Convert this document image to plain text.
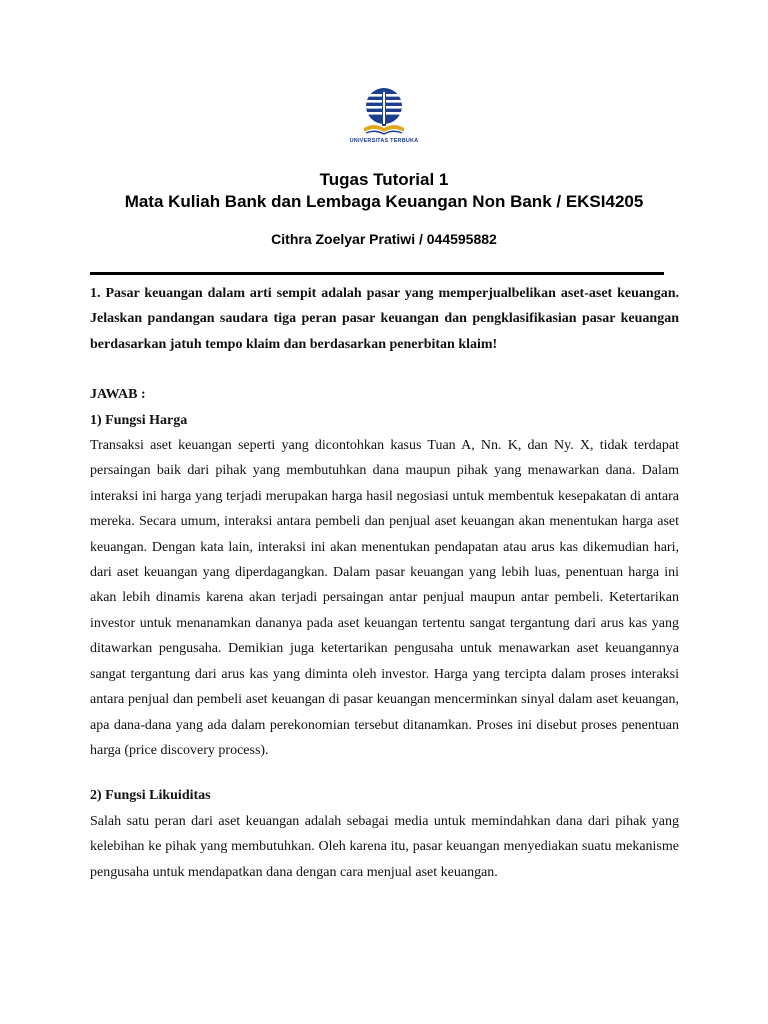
UNIVERSITAS TERBUKA
Tugas Tutorial 1
Mata Kuliah Bank dan Lembaga Keuangan Non Bank / EKSI4205
Cithra Zoelyar Pratiwi / 044595882

1. Pasar keuangan dalam arti sempit adalah pasar yang memperjualbelikan aset-aset keuangan. Jelaskan pandangan saudara tiga peran pasar keuangan dan pengklasifikasian pasar keuangan berdasarkan jatuh tempo klaim dan berdasarkan penerbitan klaim!

JAWAB :

1) Fungsi Harga

Transaksi aset keuangan seperti yang dicontohkan kasus Tuan A, Nn. K, dan Ny. X, tidak terdapat persaingan baik dari pihak yang membutuhkan dana maupun pihak yang menawarkan dana. Dalam interaksi ini harga yang terjadi merupakan harga hasil negosiasi untuk membentuk kesepakatan di antara mereka. Secara umum, interaksi antara pembeli dan penjual aset keuangan akan menentukan harga aset keuangan. Dengan kata lain, interaksi ini akan menentukan pendapatan atau arus kas dikemudian hari, dari aset keuangan yang diperdagangkan. Dalam pasar keuangan yang lebih luas, penentuan harga ini akan lebih dinamis karena akan terjadi persaingan antar penjual maupun antar pembeli. Ketertarikan investor untuk menanamkan dananya pada aset keuangan tertentu sangat tergantung dari arus kas yang ditawarkan pengusaha. Demikian juga ketertarikan pengusaha untuk menawarkan aset keuangannya sangat tergantung dari arus kas yang diminta oleh investor. Harga yang tercipta dalam proses interaksi antara penjual dan pembeli aset keuangan di pasar keuangan mencerminkan sinyal dalam aset keuangan, apa dana-dana yang ada dalam perekonomian tersebut ditanamkan. Proses ini disebut proses penentuan harga (price discovery process).

2) Fungsi Likuiditas

Salah satu peran dari aset keuangan adalah sebagai media untuk memindahkan dana dari pihak yang kelebihan ke pihak yang membutuhkan. Oleh karena itu, pasar keuangan menyediakan suatu mekanisme pengusaha untuk mendapatkan dana dengan cara menjual aset keuangan.
